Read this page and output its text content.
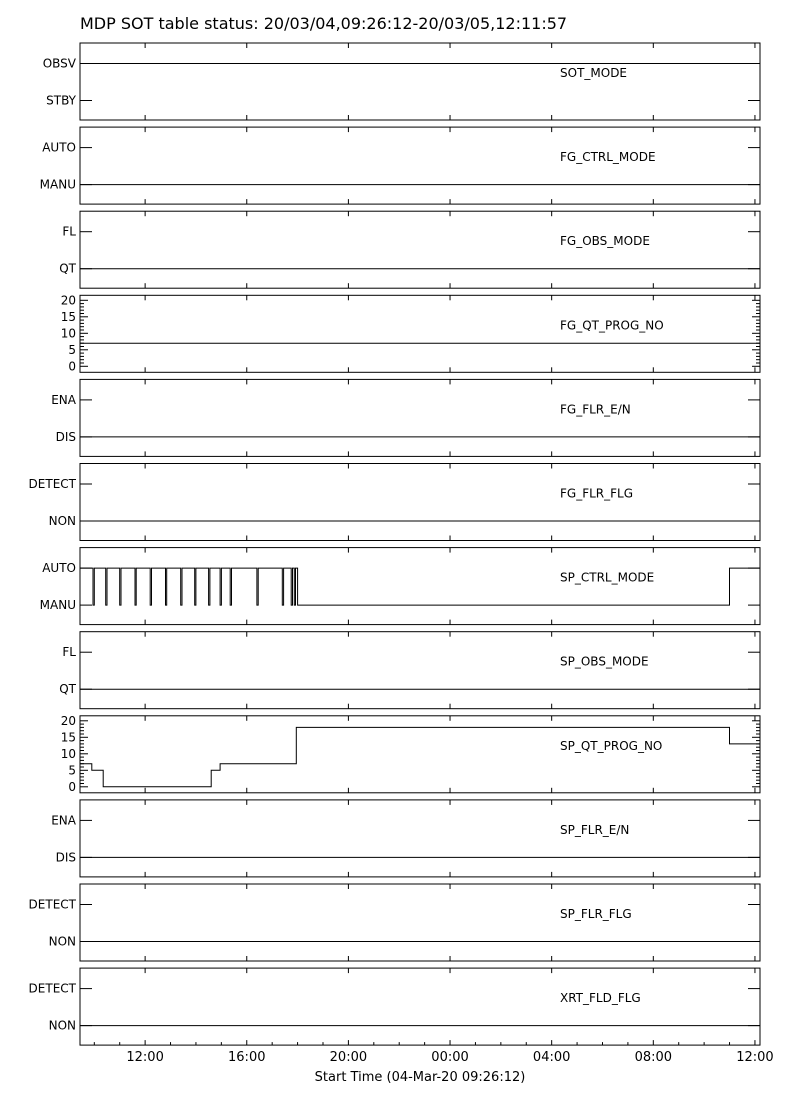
MDP SOT table status: 20/03/04,09:26:12-20/03/05,12:11:57
STBY
OBSV
SOT_MODE
MANU
AUTO
FG_CTRL_MODE
QT
FL
FG_OBS_MODE
0
5
10
15
20
FG_QT_PROG_NO
DIS
ENA
FG_FLR_E/N
NON
DETECT
FG_FLR_FLG
MANU
AUTO
SP_CTRL_MODE
QT
FL
SP_OBS_MODE
0
5
10
15
20
SP_QT_PROG_NO
DIS
ENA
SP_FLR_E/N
NON
DETECT
SP_FLR_FLG
NON
DETECT
XRT_FLD_FLG
12:00	16:00	20:00	00:00	04:00	08:00	12:00
Start Time (04-Mar-20 09:26:12)
